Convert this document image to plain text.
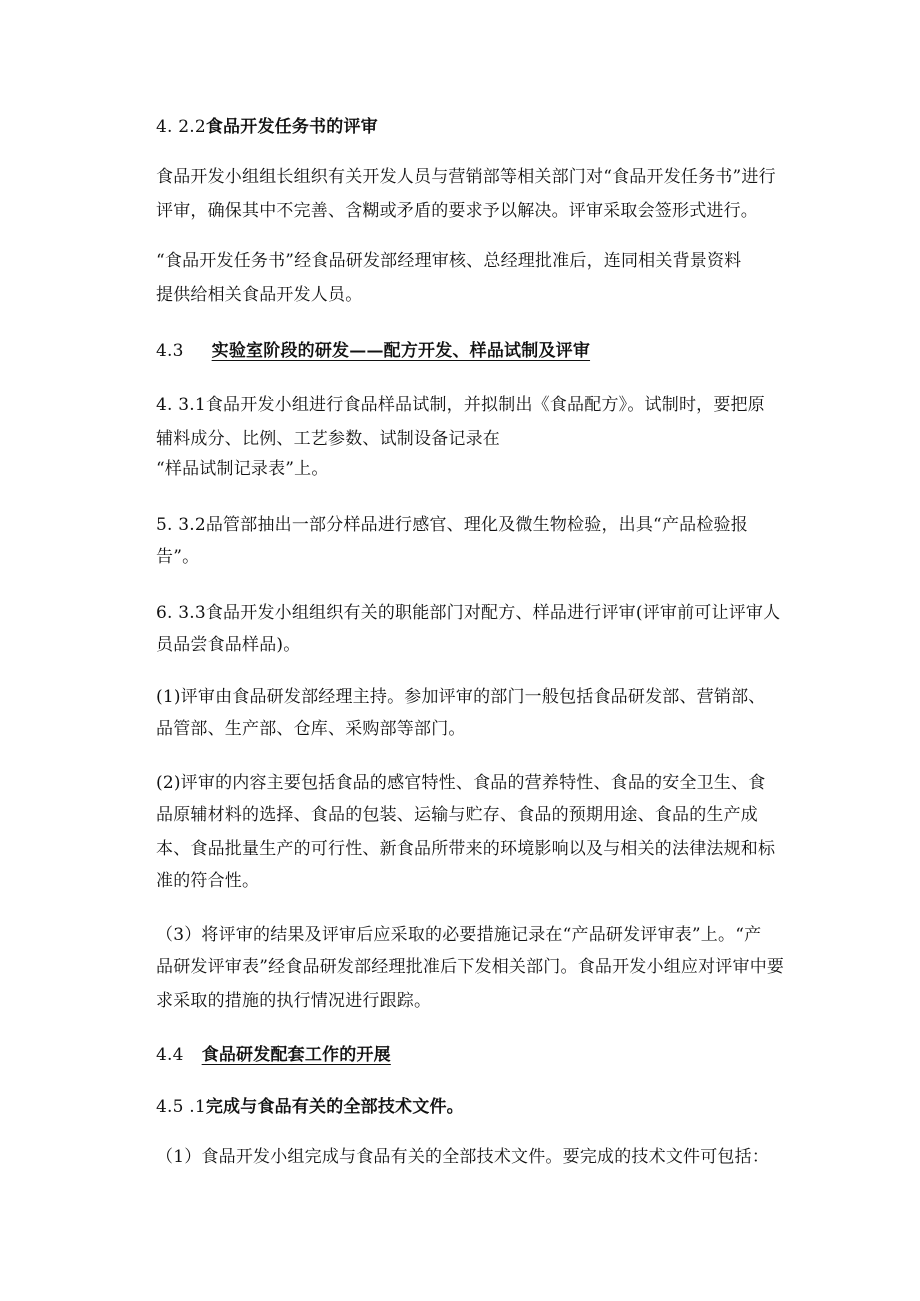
4. 2.2食品开发任务书的评审
食品开发小组组长组织有关开发人员与营销部等相关部门对“食品开发任务书”进行
评审，确保其中不完善、含糊或矛盾的要求予以解决。评审采取会签形式进行。
“食品开发任务书”经食品研发部经理审核、总经理批准后，连同相关背景资料
提供给相关食品开发人员。
4.3 实验室阶段的研发——配方开发、样品试制及评审
4. 3.1食品开发小组进行食品样品试制，并拟制出《食品配方》。试制时，要把原
辅料成分、比例、工艺参数、试制设备记录在
“样品试制记录表”上。
5. 3.2品管部抽出一部分样品进行感官、理化及微生物检验，出具“产品检验报
告”。
6. 3.3食品开发小组组织有关的职能部门对配方、样品进行评审(评审前可让评审人
员品尝食品样品)。
(1)评审由食品研发部经理主持。参加评审的部门一般包括食品研发部、营销部、
品管部、生产部、仓库、采购部等部门。
(2)评审的内容主要包括食品的感官特性、食品的营养特性、食品的安全卫生、食
品原辅材料的选择、食品的包装、运输与贮存、食品的预期用途、食品的生产成
本、食品批量生产的可行性、新食品所带来的环境影响以及与相关的法律法规和标
准的符合性。
（3）将评审的结果及评审后应采取的必要措施记录在“产品研发评审表”上。“产
品研发评审表”经食品研发部经理批准后下发相关部门。食品开发小组应对评审中要
求采取的措施的执行情况进行跟踪。
4.4 食品研发配套工作的开展
4.5 .1完成与食品有关的全部技术文件。
（1）食品开发小组完成与食品有关的全部技术文件。要完成的技术文件可包括：
